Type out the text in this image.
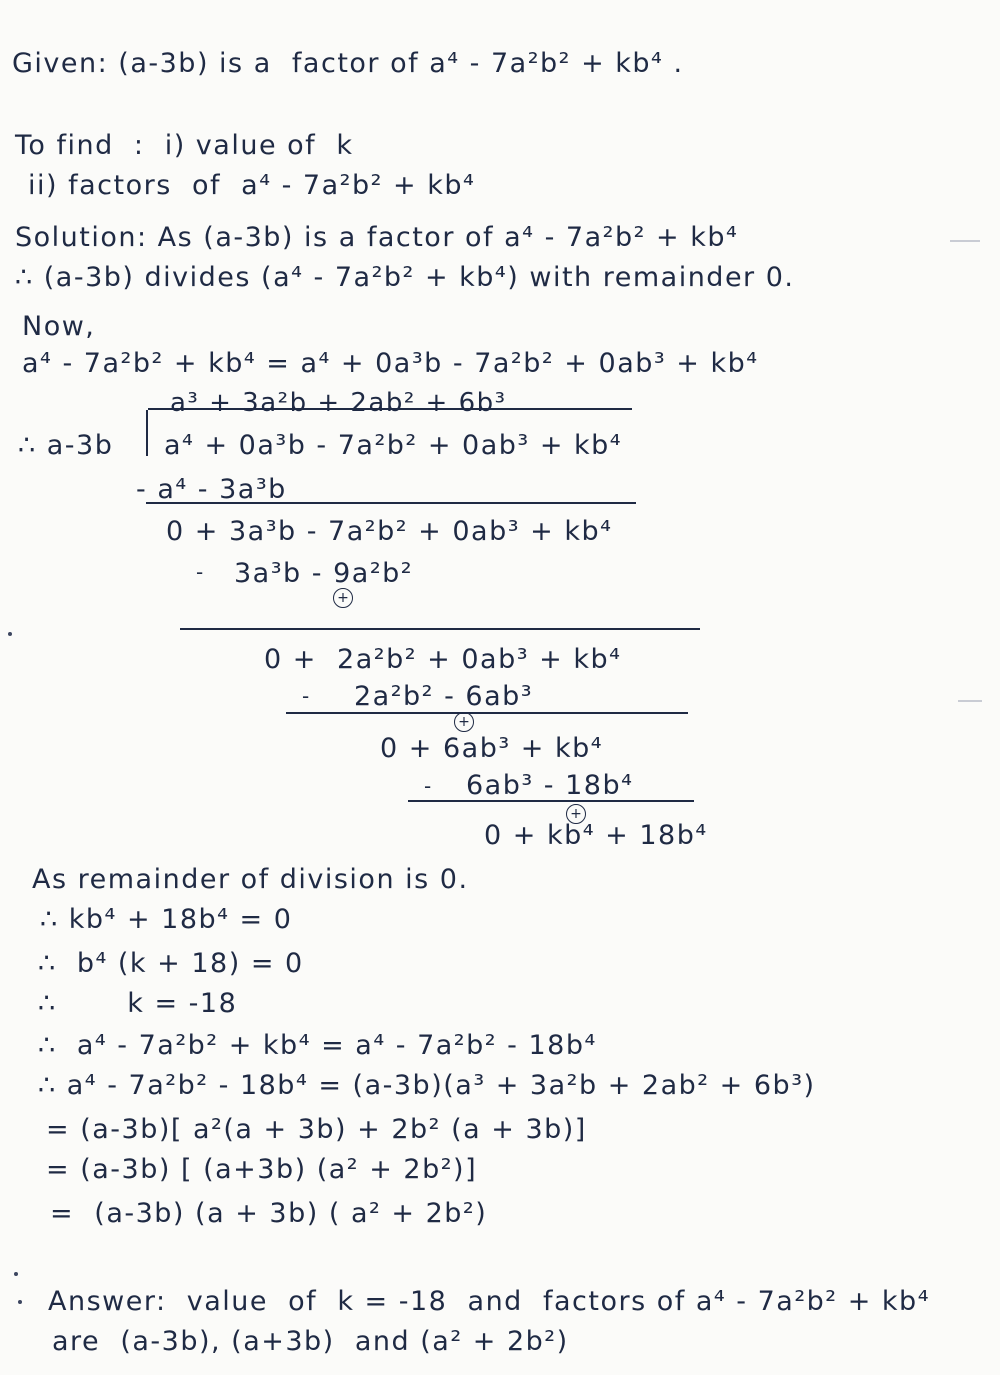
Given: (a-3b) is a  factor of a⁴ - 7a²b² + kb⁴ .
To find  :  i) value of  k
ii) factors  of  a⁴ - 7a²b² + kb⁴
Solution: As (a-3b) is a factor of a⁴ - 7a²b² + kb⁴
∴ (a-3b) divides (a⁴ - 7a²b² + kb⁴) with remainder 0.
Now,
a⁴ - 7a²b² + kb⁴ = a⁴ + 0a³b - 7a²b² + 0ab³ + kb⁴
a³ + 3a²b + 2ab² + 6b³
∴ a-3b a⁴ + 0a³b - 7a²b² + 0ab³ + kb⁴
- a⁴ - 3a³b
0 + 3a³b - 7a²b² + 0ab³ + kb⁴
- 3a³b - 9a²b²
+
0 +  2a²b² + 0ab³ + kb⁴
- 2a²b² - 6ab³
+
0 + 6ab³ + kb⁴
- 6ab³ - 18b⁴
+
0 + kb⁴ + 18b⁴
As remainder of division is 0.
∴ kb⁴ + 18b⁴ = 0
∴  b⁴ (k + 18) = 0
∴       k = -18
∴  a⁴ - 7a²b² + kb⁴ = a⁴ - 7a²b² - 18b⁴
∴ a⁴ - 7a²b² - 18b⁴ = (a-3b)(a³ + 3a²b + 2ab² + 6b³)
= (a-3b)[ a²(a + 3b) + 2b² (a + 3b)]
= (a-3b) [ (a+3b) (a² + 2b²)]
=  (a-3b) (a + 3b) ( a² + 2b²)
Answer:  value  of  k = -18  and  factors of a⁴ - 7a²b² + kb⁴
are  (a-3b), (a+3b)  and (a² + 2b²)
